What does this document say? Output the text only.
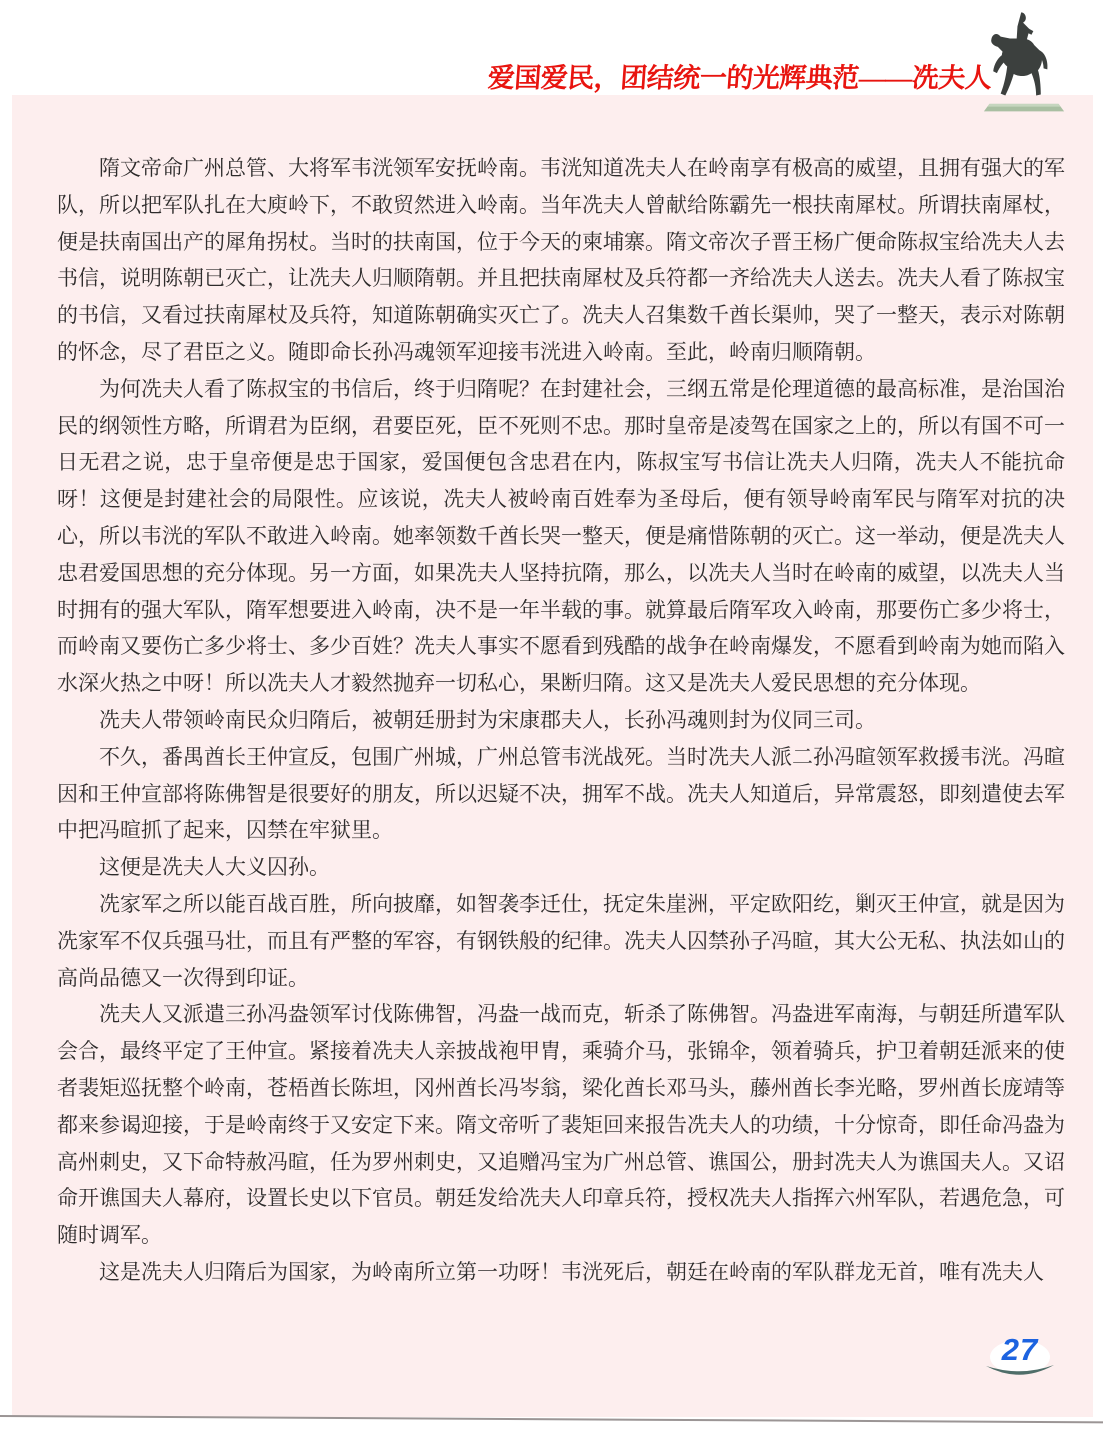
爱国爱民，团结统一的光辉典范——冼夫人

隋文帝命广州总管、大将军韦洸领军安抚岭南。韦洸知道冼夫人在岭南享有极高的威望，且拥有强大的军队，所以把军队扎在大庾岭下，不敢贸然进入岭南。当年冼夫人曾献给陈霸先一根扶南犀杖。所谓扶南犀杖，便是扶南国出产的犀角拐杖。当时的扶南国，位于今天的柬埔寨。隋文帝次子晋王杨广便命陈叔宝给冼夫人去书信，说明陈朝已灭亡，让冼夫人归顺隋朝。并且把扶南犀杖及兵符都一齐给冼夫人送去。冼夫人看了陈叔宝的书信，又看过扶南犀杖及兵符，知道陈朝确实灭亡了。冼夫人召集数千酋长渠帅，哭了一整天，表示对陈朝的怀念，尽了君臣之义。随即命长孙冯魂领军迎接韦洸进入岭南。至此，岭南归顺隋朝。

为何冼夫人看了陈叔宝的书信后，终于归隋呢？在封建社会，三纲五常是伦理道德的最高标准，是治国治民的纲领性方略，所谓君为臣纲，君要臣死，臣不死则不忠。那时皇帝是凌驾在国家之上的，所以有国不可一日无君之说，忠于皇帝便是忠于国家，爱国便包含忠君在内，陈叔宝写书信让冼夫人归隋，冼夫人不能抗命呀！这便是封建社会的局限性。应该说，冼夫人被岭南百姓奉为圣母后，便有领导岭南军民与隋军对抗的决心，所以韦洸的军队不敢进入岭南。她率领数千酋长哭一整天，便是痛惜陈朝的灭亡。这一举动，便是冼夫人忠君爱国思想的充分体现。另一方面，如果冼夫人坚持抗隋，那么，以冼夫人当时在岭南的威望，以冼夫人当时拥有的强大军队，隋军想要进入岭南，决不是一年半载的事。就算最后隋军攻入岭南，那要伤亡多少将士，而岭南又要伤亡多少将士、多少百姓？冼夫人事实不愿看到残酷的战争在岭南爆发，不愿看到岭南为她而陷入水深火热之中呀！所以冼夫人才毅然抛弃一切私心，果断归隋。这又是冼夫人爱民思想的充分体现。

冼夫人带领岭南民众归隋后，被朝廷册封为宋康郡夫人，长孙冯魂则封为仪同三司。

不久，番禺酋长王仲宣反，包围广州城，广州总管韦洸战死。当时冼夫人派二孙冯暄领军救援韦洸。冯暄因和王仲宣部将陈佛智是很要好的朋友，所以迟疑不决，拥军不战。冼夫人知道后，异常震怒，即刻遣使去军中把冯暄抓了起来，囚禁在牢狱里。

这便是冼夫人大义囚孙。

冼家军之所以能百战百胜，所向披靡，如智袭李迁仕，抚定朱崖洲，平定欧阳纥，剿灭王仲宣，就是因为冼家军不仅兵强马壮，而且有严整的军容，有钢铁般的纪律。冼夫人囚禁孙子冯暄，其大公无私、执法如山的高尚品德又一次得到印证。

冼夫人又派遣三孙冯盎领军讨伐陈佛智，冯盎一战而克，斩杀了陈佛智。冯盎进军南海，与朝廷所遣军队会合，最终平定了王仲宣。紧接着冼夫人亲披战袍甲胄，乘骑介马，张锦伞，领着骑兵，护卫着朝廷派来的使者裴矩巡抚整个岭南，苍梧酋长陈坦，冈州酋长冯岑翁，梁化酋长邓马头，藤州酋长李光略，罗州酋长庞靖等都来参谒迎接，于是岭南终于又安定下来。隋文帝听了裴矩回来报告冼夫人的功绩，十分惊奇，即任命冯盎为高州刺史，又下命特赦冯暄，任为罗州刺史，又追赠冯宝为广州总管、谯国公，册封冼夫人为谯国夫人。又诏命开谯国夫人幕府，设置长史以下官员。朝廷发给冼夫人印章兵符，授权冼夫人指挥六州军队，若遇危急，可随时调军。

这是冼夫人归隋后为国家，为岭南所立第一功呀！韦洸死后，朝廷在岭南的军队群龙无首，唯有冼夫人

27
